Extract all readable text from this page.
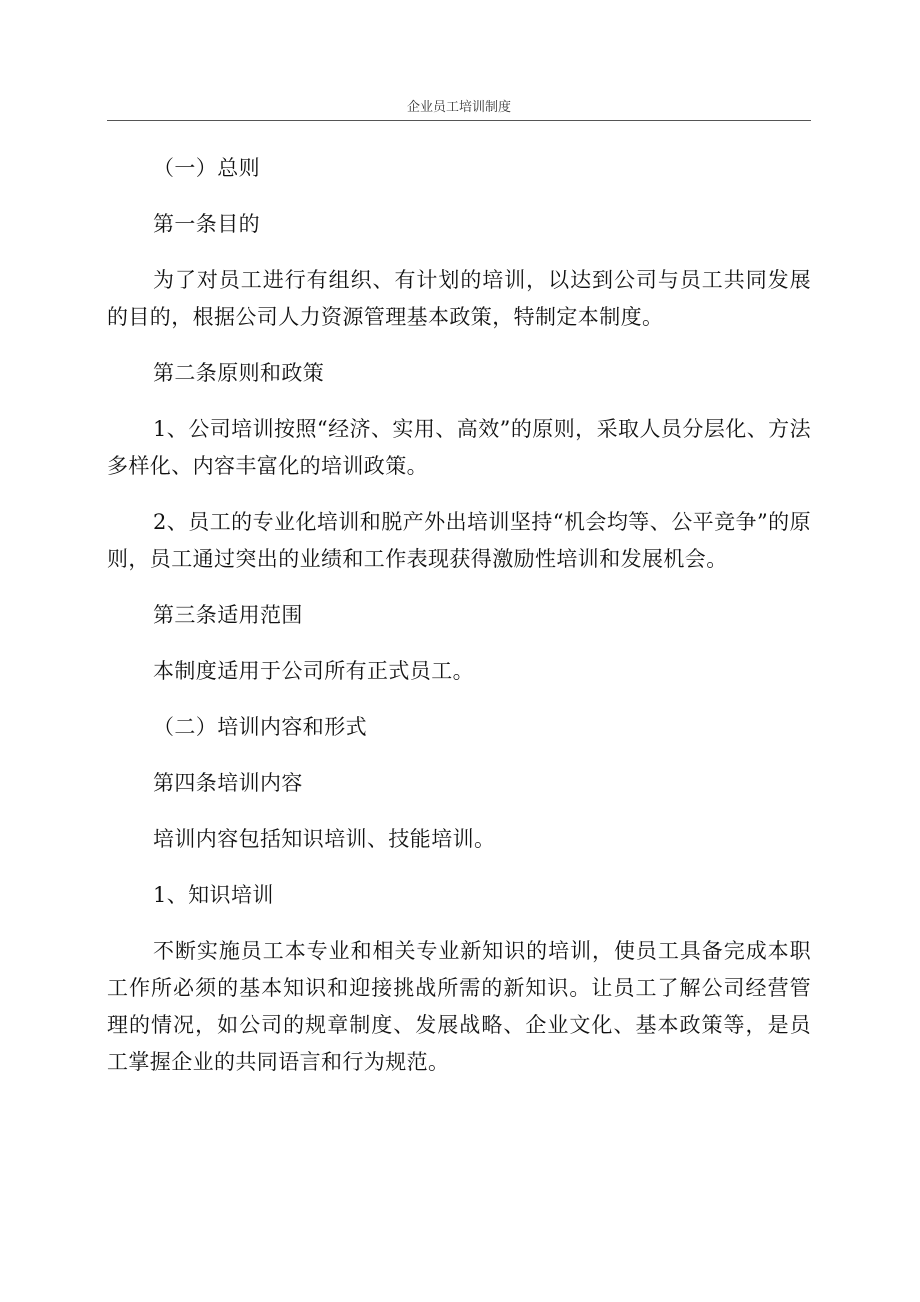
企业员工培训制度

（一）总则

第一条目的

为了对员工进行有组织、有计划的培训，以达到公司与员工共同发展的目的，根据公司人力资源管理基本政策，特制定本制度。

第二条原则和政策

1、公司培训按照“经济、实用、高效”的原则，采取人员分层化、方法多样化、内容丰富化的培训政策。

2、员工的专业化培训和脱产外出培训坚持“机会均等、公平竞争”的原则，员工通过突出的业绩和工作表现获得激励性培训和发展机会。

第三条适用范围

本制度适用于公司所有正式员工。

（二）培训内容和形式

第四条培训内容

培训内容包括知识培训、技能培训。

1、知识培训

不断实施员工本专业和相关专业新知识的培训，使员工具备完成本职工作所必须的基本知识和迎接挑战所需的新知识。让员工了解公司经营管理的情况，如公司的规章制度、发展战略、企业文化、基本政策等，是员工掌握企业的共同语言和行为规范。
